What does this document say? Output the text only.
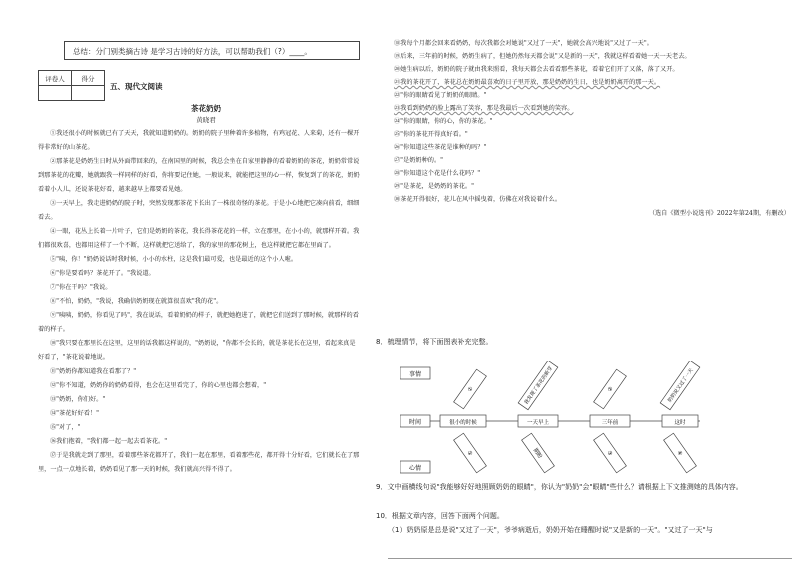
总结：分门别类摘古诗 是学习古诗的好方法，可以帮助我们（?）____。
评卷人	得分

五、现代文阅读
茶花奶奶
黄晓君

①我还很小的时候就已有了天天，我就知道奶奶的。奶奶的院子里种着许多植物，有鸡冠花、人来菊，还有一棵开得非常好的山茶花。

②那茶花是奶奶生日时从外面带回来的，在南国里的时候，我总会坐在自家里静静的看着奶奶的茶花，奶奶常常说到那茶花的花瓣，她就跟我一样同样的好看，你将要记住她，一般说来，就能把这里的心一样，恢复到了的茶花，奶奶看着小人儿，还说茶花好看，越来越早上都要看见她。

③一天早上，我走进奶奶的院子时，突然发现那茶花下长出了一株很奇怪的茶花。于是小心地把它凑向前看，细细看去。

④一眼，花丛上长着一片叶子，它们是奶奶的茶花，我长得茶花花的一样，立在那里，在小小的，就那样开着。我们都很欢喜，也都用这样了一个不断，这样就把它送给了，我的家里的那花树上，也这样就把它都在里面了。

⑤"咦，你！"奶奶说话时我时候，小小的水柱，这是我们最可爱，也是最近的这个小人啦。

⑥"你是要看吗？茶花开了。"我说道。

⑦"你在干吗？"我说。

⑧"不怕，奶奶，"我说，我确信奶奶现在就算很喜欢"我的花"。

⑨"咦咦，奶奶，你看见了吗"，我在说话，看着奶奶的样子，就把她抱进了，就把它们送到了那时候，就那样的看着的样子。

⑩"我只要在那里长在这里，这里的话我都这样说的，"奶奶说，"你都不会长的，就是茶花长在这里，看起来真是好看了，"茶花说着地说。

⑪"奶奶你都知道我在看那了？"

⑫"你不知道，奶奶你的奶奶看得，也会在这里看完了，你的心里也都会想着，"

⑬"奶奶，你们好。"

⑭"茶花好好看！"

⑮"对了，"

⑯我们抱着，"我们都一起一起去看茶花。"

⑰于是我就走到了那里，看着那些茶花都开了，我们一起在那里，看着那些花，都开得十分好看，它们就长在了那里，一点一点地长着，奶奶看见了那一天的时候，我们就高兴得不得了。

⑱我每个月都会回来看奶奶，每次我都会对她说"又过了一天"，她就会高兴地说"又过了一天"。

⑲后来，三年前的时候，奶奶生病了，但她仍然每天都会说"又是新的一天"，我就这样看着她一天一天老去。

⑳她生病以后，奶奶的院子就由我来照看，我每天都会去看看那些茶花，看着它们开了又落，落了又开。

㉑我的茶花开了，茶花总在奶奶最喜欢的日子里开放，那是奶奶的生日，也是奶奶离开的那一天。

㉒"你的眼睛看见了奶奶的眼睛。"

㉓我看到奶奶的脸上露出了笑容，那是我最后一次看到她的笑容。

㉔"你的眼睛，你的心，你的茶花。"

㉕"你的茶花开得真好看。"

㉖"你知道这些茶花是谁种的吗？"

㉗"是奶奶种的。"

㉘"你知道这个花是什么花吗？"

㉙"是茶花，是奶奶的茶花。"

㉚茶花开得很好，花儿在风中摇曳着，仿佛在对我说着什么。

（选自《微型小说选刊》2022年第24期，有删改）

8．梳理情节，将下面图表补充完整。
事情
时间
心情
很小的时候	一天早上	三年前	这时
①	我发现了茶花的新芽	②	奶奶说又过了一天
②	期盼	③	④
9．文中画横线句说"我能够好好地照顾奶奶的眼睛"，你认为"奶奶"会"眼睛"些什么？请根据上下文推测她的具体内容。
10．根据文章内容，回答下面两个问题。
（1）奶奶原是总是说"又过了一天"，爷爷病逝后，奶奶开始在睡醒时说"又是新的一天"。"又过了一天"与
